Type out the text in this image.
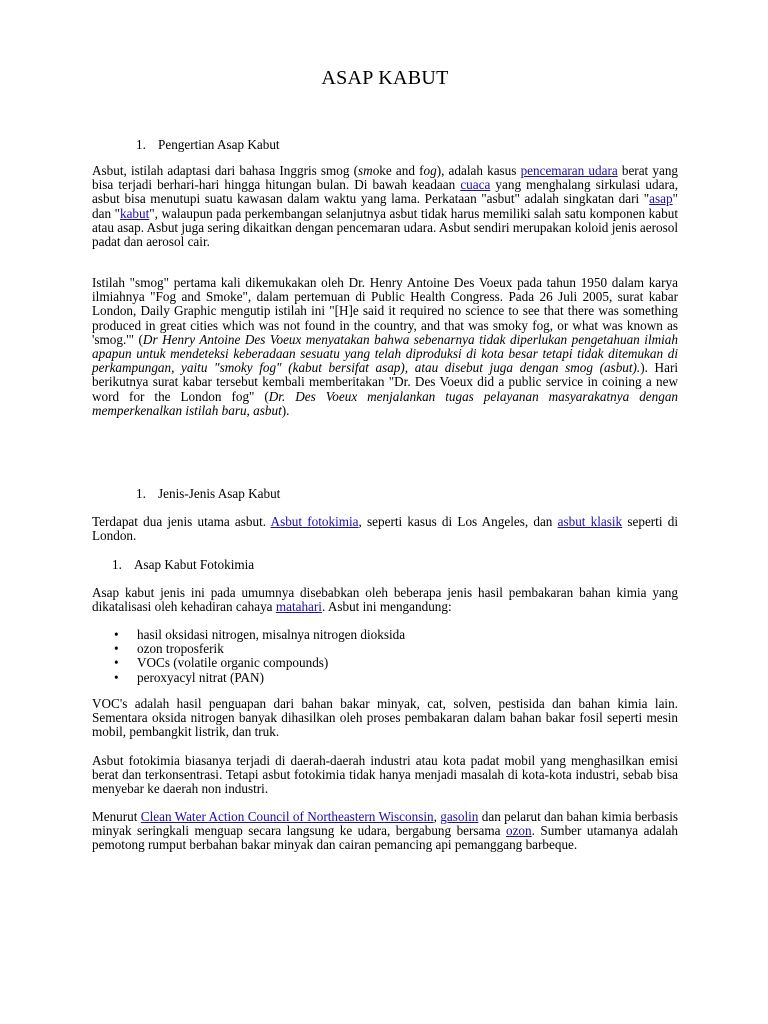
ASAP KABUT
1. Pengertian Asap Kabut

Asbut, istilah adaptasi dari bahasa Inggris smog (smoke and fog), adalah kasus pencemaran udara berat yang bisa terjadi berhari-hari hingga hitungan bulan. Di bawah keadaan cuaca yang menghalang sirkulasi udara, asbut bisa menutupi suatu kawasan dalam waktu yang lama. Perkataan "asbut" adalah singkatan dari "asap" dan "kabut", walaupun pada perkembangan selanjutnya asbut tidak harus memiliki salah satu komponen kabut atau asap. Asbut juga sering dikaitkan dengan pencemaran udara. Asbut sendiri merupakan koloid jenis aerosol padat dan aerosol cair.

Istilah "smog" pertama kali dikemukakan oleh Dr. Henry Antoine Des Voeux pada tahun 1950 dalam karya ilmiahnya "Fog and Smoke", dalam pertemuan di Public Health Congress. Pada 26 Juli 2005, surat kabar London, Daily Graphic mengutip istilah ini "[H]e said it required no science to see that there was something produced in great cities which was not found in the country, and that was smoky fog, or what was known as 'smog.'" (Dr Henry Antoine Des Voeux menyatakan bahwa sebenarnya tidak diperlukan pengetahuan ilmiah apapun untuk mendeteksi keberadaan sesuatu yang telah diproduksi di kota besar tetapi tidak ditemukan di perkampungan, yaitu "smoky fog" (kabut bersifat asap), atau disebut juga dengan smog (asbut).). Hari berikutnya surat kabar tersebut kembali memberitakan "Dr. Des Voeux did a public service in coining a new word for the London fog" (Dr. Des Voeux menjalankan tugas pelayanan masyarakatnya dengan memperkenalkan istilah baru, asbut).

1. Jenis-Jenis Asap Kabut

Terdapat dua jenis utama asbut. Asbut fotokimia, seperti kasus di Los Angeles, dan asbut klasik seperti di London.

1. Asap Kabut Fotokimia

Asap kabut jenis ini pada umumnya disebabkan oleh beberapa jenis hasil pembakaran bahan kimia yang dikatalisasi oleh kehadiran cahaya matahari. Asbut ini mengandung:

• hasil oksidasi nitrogen, misalnya nitrogen dioksida
• ozon troposferik
• VOCs (volatile organic compounds)
• peroxyacyl nitrat (PAN)

VOC's adalah hasil penguapan dari bahan bakar minyak, cat, solven, pestisida dan bahan kimia lain. Sementara oksida nitrogen banyak dihasilkan oleh proses pembakaran dalam bahan bakar fosil seperti mesin mobil, pembangkit listrik, dan truk.

Asbut fotokimia biasanya terjadi di daerah-daerah industri atau kota padat mobil yang menghasilkan emisi berat dan terkonsentrasi. Tetapi asbut fotokimia tidak hanya menjadi masalah di kota-kota industri, sebab bisa menyebar ke daerah non industri.

Menurut Clean Water Action Council of Northeastern Wisconsin, gasolin dan pelarut dan bahan kimia berbasis minyak seringkali menguap secara langsung ke udara, bergabung bersama ozon. Sumber utamanya adalah pemotong rumput berbahan bakar minyak dan cairan pemancing api pemanggang barbeque.
